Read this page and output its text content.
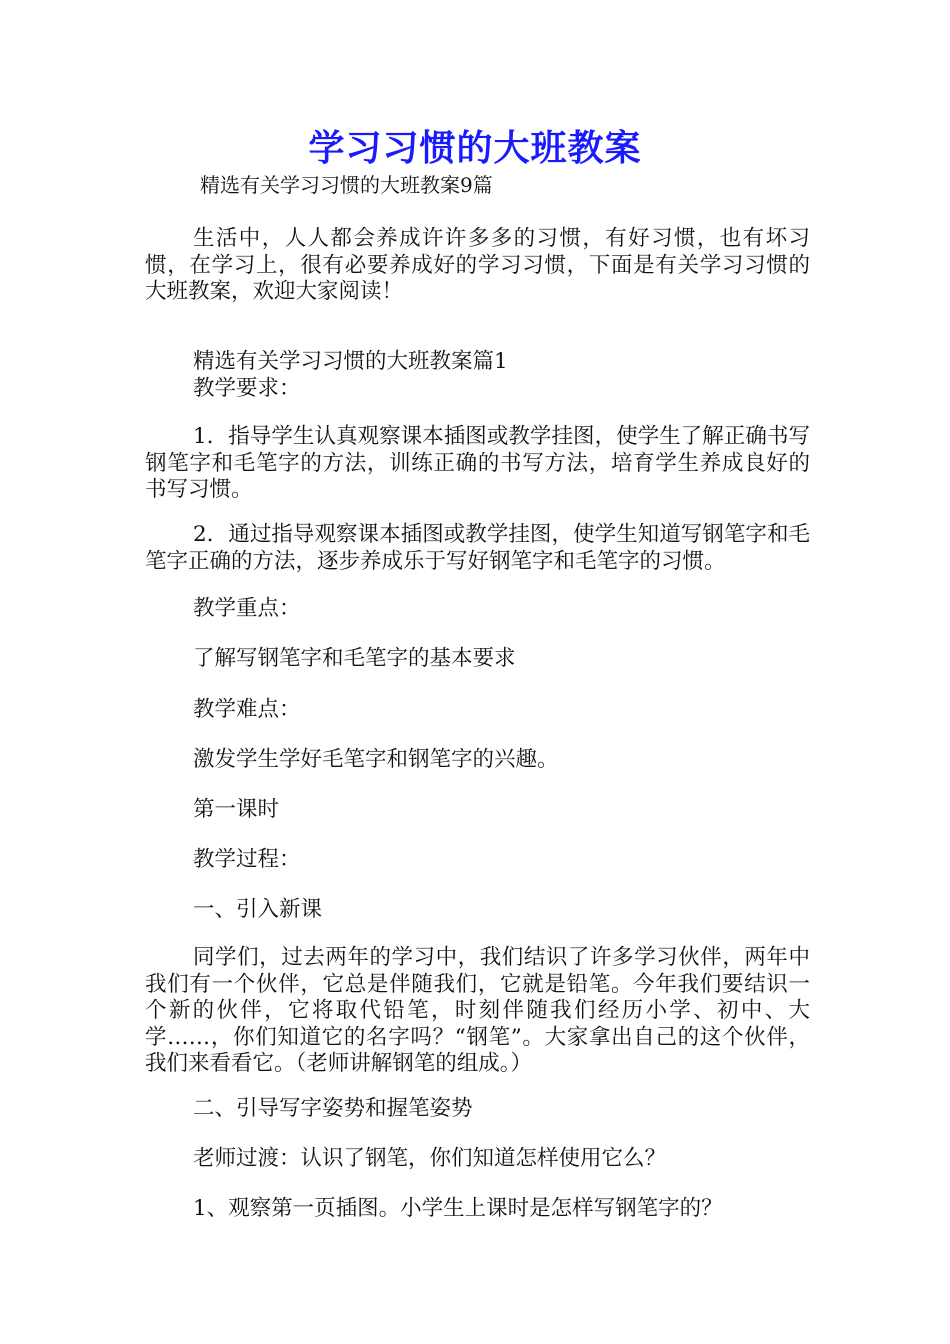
学习习惯的大班教案
精选有关学习习惯的大班教案9篇

生活中，人人都会养成许许多多的习惯，有好习惯，也有坏习惯，在学习上，很有必要养成好的学习习惯，下面是有关学习习惯的大班教案，欢迎大家阅读！

精选有关学习习惯的大班教案篇1

教学要求：

1．指导学生认真观察课本插图或教学挂图，使学生了解正确书写钢笔字和毛笔字的方法，训练正确的书写方法，培育学生养成良好的书写习惯。

2．通过指导观察课本插图或教学挂图，使学生知道写钢笔字和毛笔字正确的方法，逐步养成乐于写好钢笔字和毛笔字的习惯。

教学重点：

了解写钢笔字和毛笔字的基本要求

教学难点：

激发学生学好毛笔字和钢笔字的兴趣。

第一课时

教学过程：

一、引入新课

同学们，过去两年的学习中，我们结识了许多学习伙伴，两年中我们有一个伙伴，它总是伴随我们，它就是铅笔。今年我们要结识一个新的伙伴，它将取代铅笔，时刻伴随我们经历小学、初中、大学……，你们知道它的名字吗？“钢笔”。大家拿出自己的这个伙伴，我们来看看它。（老师讲解钢笔的组成。）

二、引导写字姿势和握笔姿势

老师过渡：认识了钢笔，你们知道怎样使用它么？

1、观察第一页插图。小学生上课时是怎样写钢笔字的？
